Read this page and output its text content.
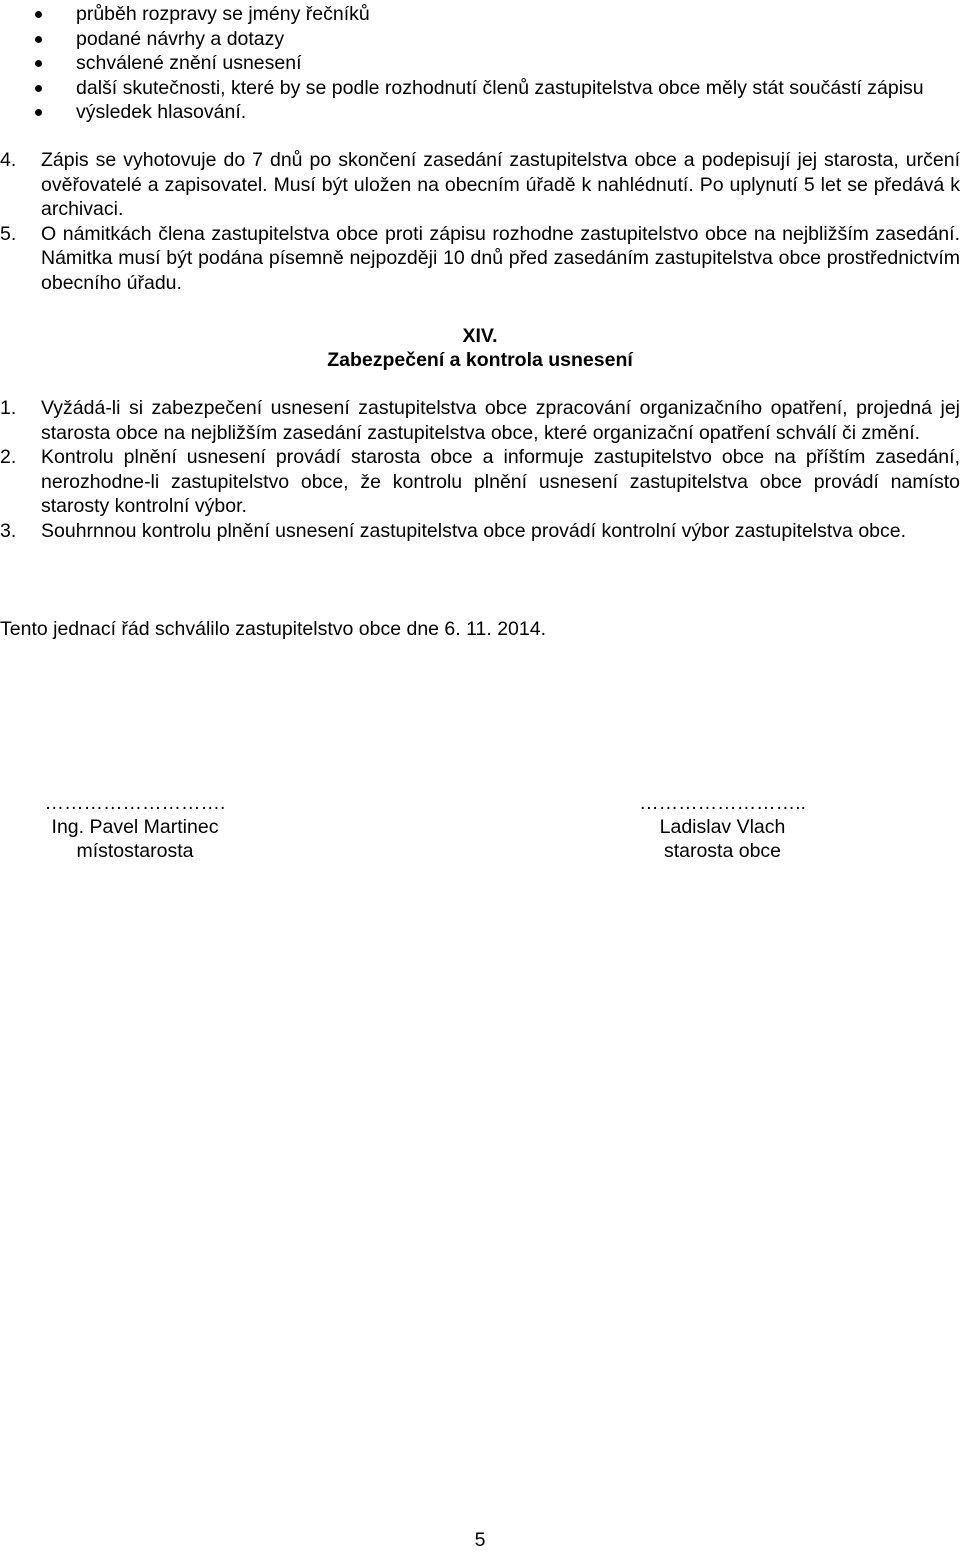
průběh rozpravy se jmény řečníků
podané návrhy a dotazy
schválené znění usnesení
další skutečnosti, které by se podle rozhodnutí členů zastupitelstva obce měly stát součástí zápisu
výsledek hlasování.
4. Zápis se vyhotovuje do 7 dnů po skončení zasedání zastupitelstva obce a podepisují jej starosta, určení ověřovatelé a zapisovatel. Musí být uložen na obecním úřadě k nahlédnutí. Po uplynutí 5 let se předává k archivaci.
5. O námitkách člena zastupitelstva obce proti zápisu rozhodne zastupitelstvo obce na nejbližším zasedání. Námitka musí být podána písemně nejpozději 10 dnů před zasedáním zastupitelstva obce prostřednictvím obecního úřadu.
XIV.
Zabezpečení a kontrola usnesení
1. Vyžádá-li si zabezpečení usnesení zastupitelstva obce zpracování organizačního opatření, projedná jej starosta obce na nejbližším zasedání zastupitelstva obce, které organizační opatření schválí či změní.
2. Kontrolu plnění usnesení provádí starosta obce a informuje zastupitelstvo obce na příštím zasedání, nerozhodne-li zastupitelstvo obce, že kontrolu plnění usnesení zastupitelstva obce provádí namísto starosty kontrolní výbor.
3. Souhrnnou kontrolu plnění usnesení zastupitelstva obce provádí kontrolní výbor zastupitelstva obce.
Tento jednací řád schválilo zastupitelstvo obce dne 6. 11. 2014.
……………………….
Ing. Pavel Martinec
místostarosta
……………………..
Ladislav Vlach
starosta obce
5
